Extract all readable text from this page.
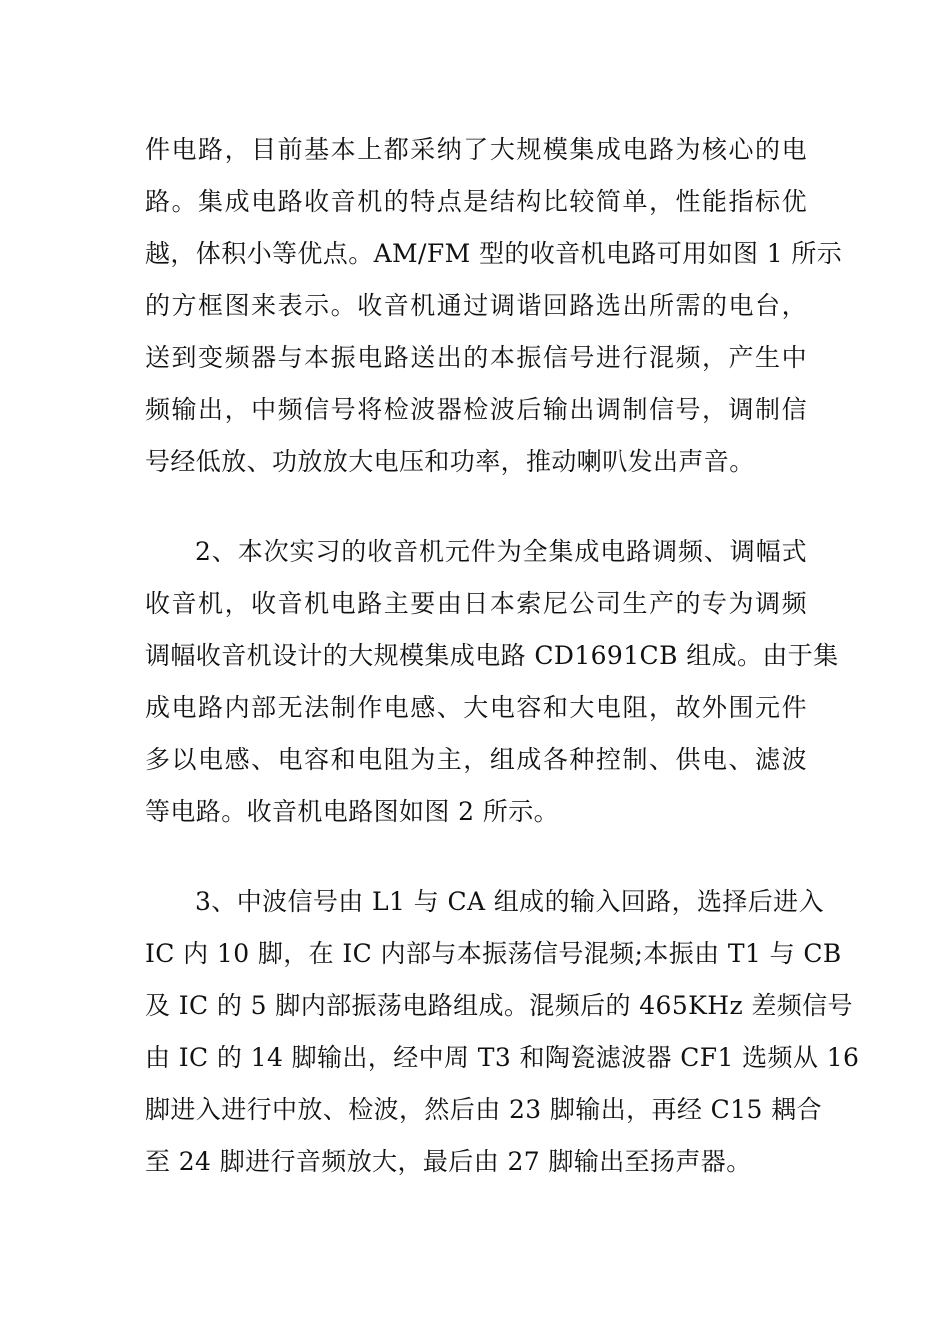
件电路，目前基本上都采纳了大规模集成电路为核心的电
路。集成电路收音机的特点是结构比较简单，性能指标优
越，体积小等优点。AM/FM 型的收音机电路可用如图 1 所示
的方框图来表示。收音机通过调谐回路选出所需的电台，
送到变频器与本振电路送出的本振信号进行混频，产生中
频输出，中频信号将检波器检波后输出调制信号，调制信
号经低放、功放放大电压和功率，推动喇叭发出声音。
2、本次实习的收音机元件为全集成电路调频、调幅式
收音机，收音机电路主要由日本索尼公司生产的专为调频
调幅收音机设计的大规模集成电路 CD1691CB 组成。由于集
成电路内部无法制作电感、大电容和大电阻，故外围元件
多以电感、电容和电阻为主，组成各种控制、供电、滤波
等电路。收音机电路图如图 2 所示。
3、中波信号由 L1 与 CA 组成的输入回路，选择后进入
IC 内 10 脚，在 IC 内部与本振荡信号混频;本振由 T1 与 CB
及 IC 的 5 脚内部振荡电路组成。混频后的 465KHz 差频信号
由 IC 的 14 脚输出，经中周 T3 和陶瓷滤波器 CF1 选频从 16
脚进入进行中放、检波，然后由 23 脚输出，再经 C15 耦合
至 24 脚进行音频放大，最后由 27 脚输出至扬声器。
